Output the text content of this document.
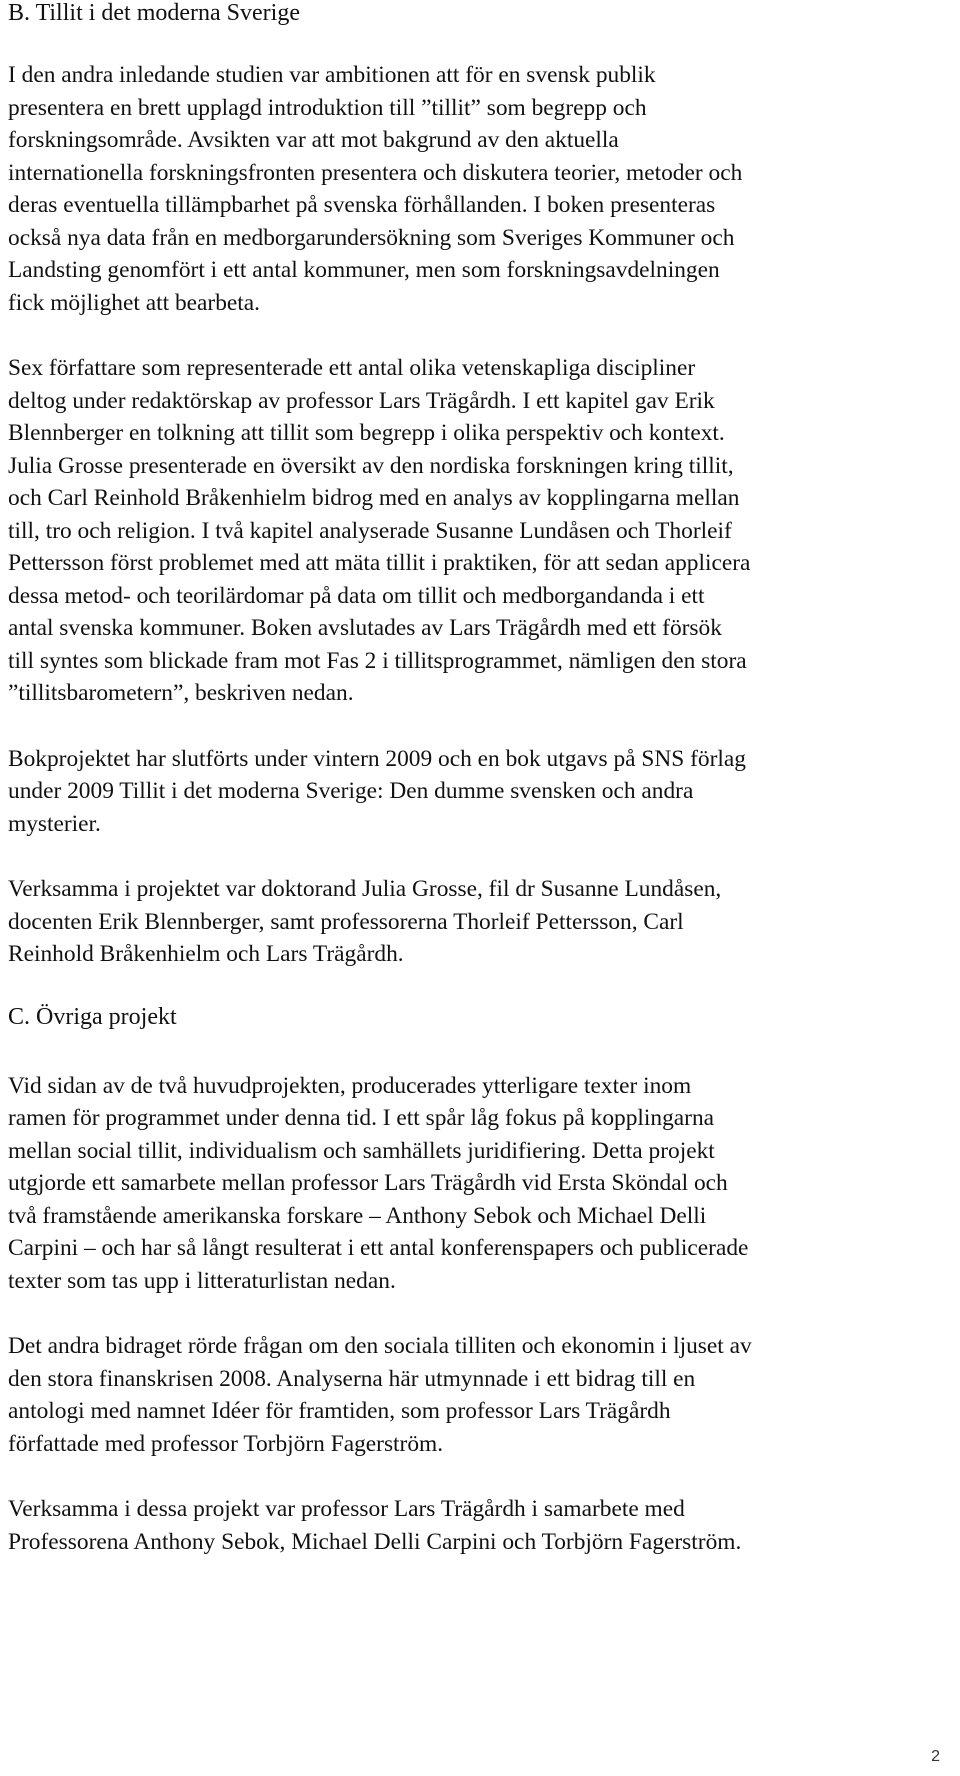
B. Tillit i det moderna Sverige

I den andra inledande studien var ambitionen att för en svensk publik
presentera en brett upplagd introduktion till ”tillit” som begrepp och
forskningsområde. Avsikten var att mot bakgrund av den aktuella
internationella forskningsfronten presentera och diskutera teorier, metoder och
deras eventuella tillämpbarhet på svenska förhållanden. I boken presenteras
också nya data från en medborgarundersökning som Sveriges Kommuner och
Landsting genomfört i ett antal kommuner, men som forskningsavdelningen
fick möjlighet att bearbeta.

Sex författare som representerade ett antal olika vetenskapliga discipliner
deltog under redaktörskap av professor Lars Trägårdh. I ett kapitel gav Erik
Blennberger en tolkning att tillit som begrepp i olika perspektiv och kontext.
Julia Grosse presenterade en översikt av den nordiska forskningen kring tillit,
och Carl Reinhold Bråkenhielm bidrog med en analys av kopplingarna mellan
till, tro och religion. I två kapitel analyserade Susanne Lundåsen och Thorleif
Pettersson först problemet med att mäta tillit i praktiken, för att sedan applicera
dessa metod- och teorilärdomar på data om tillit och medborgandanda i ett
antal svenska kommuner. Boken avslutades av Lars Trägårdh med ett försök
till syntes som blickade fram mot Fas 2 i tillitsprogrammet, nämligen den stora
”tillitsbarometern”, beskriven nedan.

Bokprojektet har slutförts under vintern 2009 och en bok utgavs på SNS förlag
under 2009 Tillit i det moderna Sverige: Den dumme svensken och andra
mysterier.

Verksamma i projektet var doktorand Julia Grosse, fil dr Susanne Lundåsen,
docenten Erik Blennberger, samt professorerna Thorleif Pettersson, Carl
Reinhold Bråkenhielm och Lars Trägårdh.

C. Övriga projekt

Vid sidan av de två huvudprojekten, producerades ytterligare texter inom
ramen för programmet under denna tid. I ett spår låg fokus på kopplingarna
mellan social tillit, individualism och samhällets juridifiering. Detta projekt
utgjorde ett samarbete mellan professor Lars Trägårdh vid Ersta Sköndal och
två framstående amerikanska forskare – Anthony Sebok och Michael Delli
Carpini – och har så långt resulterat i ett antal konferenspapers och publicerade
texter som tas upp i litteraturlistan nedan.

Det andra bidraget rörde frågan om den sociala tilliten och ekonomin i ljuset av
den stora finanskrisen 2008. Analyserna här utmynnade i ett bidrag till en
antologi med namnet Idéer för framtiden, som professor Lars Trägårdh
författade med professor Torbjörn Fagerström.

Verksamma i dessa projekt var professor Lars Trägårdh i samarbete med
Professorena Anthony Sebok, Michael Delli Carpini och Torbjörn Fagerström.

2
